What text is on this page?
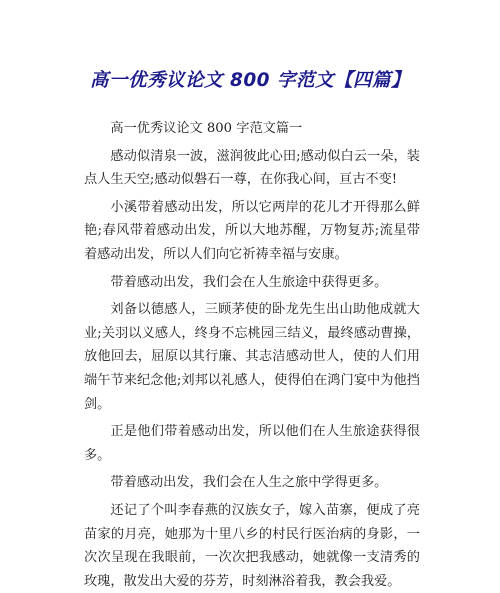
高一优秀议论文 800 字范文【四篇】

高一优秀议论文 800 字范文篇一

感动似清泉一波，滋润彼此心田;感动似白云一朵，装点人生天空;感动似磐石一尊，在你我心间，亘古不变!

小溪带着感动出发，所以它两岸的花儿才开得那么鲜艳;春风带着感动出发，所以大地苏醒，万物复苏;流星带着感动出发，所以人们向它祈祷幸福与安康。

带着感动出发，我们会在人生旅途中获得更多。

刘备以德感人，三顾茅使的卧龙先生出山助他成就大业;关羽以义感人，终身不忘桃园三结义，最终感动曹操，放他回去，屈原以其行廉、其志洁感动世人，使的人们用端午节来纪念他;刘邦以礼感人，使得伯在鸿门宴中为他挡剑。

正是他们带着感动出发，所以他们在人生旅途获得很多。

带着感动出发，我们会在人生之旅中学得更多。

还记了个叫李春燕的汉族女子，嫁入苗寨，便成了亮苗家的月亮，她那为十里八乡的村民行医治病的身影，一次次呈现在我眼前，一次次把我感动，她就像一支清秀的玫瑰，散发出大爱的芬芳，时刻淋浴着我，教会我爱。
